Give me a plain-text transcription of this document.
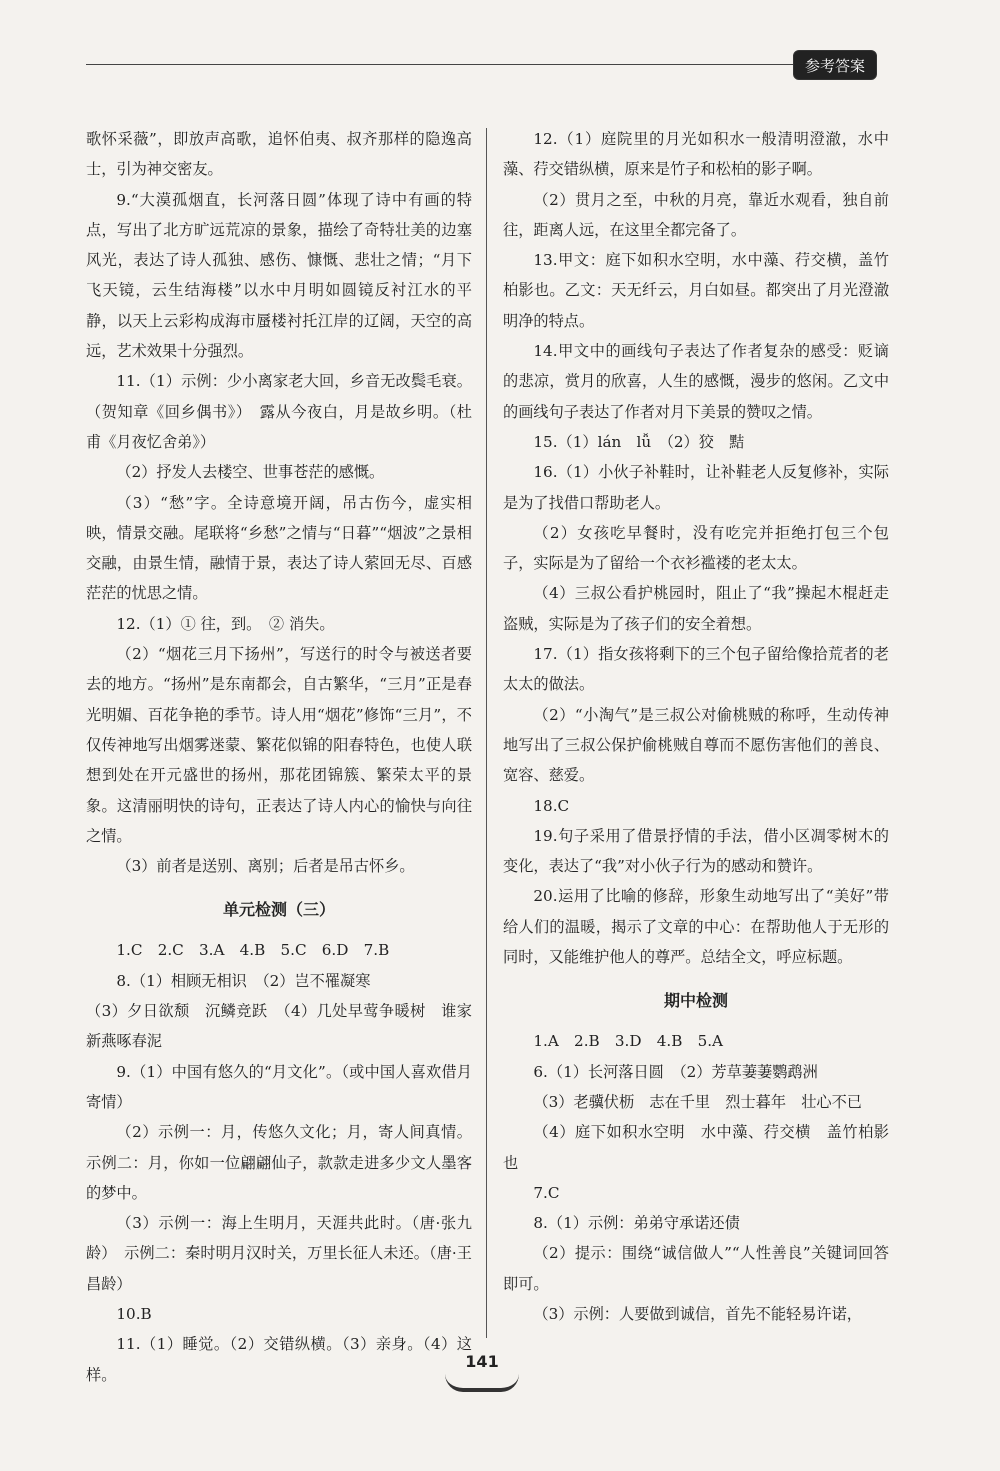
参考答案

歌怀采薇”，即放声高歌，追怀伯夷、叔齐那样的隐逸高士，引为神交密友。

9.“大漠孤烟直，长河落日圆”体现了诗中有画的特点，写出了北方旷远荒凉的景象，描绘了奇特壮美的边塞风光，表达了诗人孤独、感伤、慷慨、悲壮之情；“月下飞天镜，云生结海楼”以水中月明如圆镜反衬江水的平静，以天上云彩构成海市蜃楼衬托江岸的辽阔，天空的高远，艺术效果十分强烈。

11.（1）示例：少小离家老大回，乡音无改鬓毛衰。（贺知章《回乡偶书》）　露从今夜白，月是故乡明。（杜甫《月夜忆舍弟》）

（2）抒发人去楼空、世事苍茫的感慨。

（3）“愁”字。全诗意境开阔，吊古伤今，虚实相映，情景交融。尾联将“乡愁”之情与“日暮”“烟波”之景相交融，由景生情，融情于景，表达了诗人萦回无尽、百感茫茫的忧思之情。

12.（1）① 往，到。　② 消失。

（2）“烟花三月下扬州”，写送行的时令与被送者要去的地方。“扬州”是东南都会，自古繁华，“三月”正是春光明媚、百花争艳的季节。诗人用“烟花”修饰“三月”，不仅传神地写出烟雾迷蒙、繁花似锦的阳春特色，也使人联想到处在开元盛世的扬州，那花团锦簇、繁荣太平的景象。这清丽明快的诗句，正表达了诗人内心的愉快与向往之情。

（3）前者是送别、离别；后者是吊古怀乡。

单元检测（三）

1.C　2.C　3.A　4.B　5.C　6.D　7.B

8.（1）相顾无相识　（2）岂不罹凝寒

（3）夕日欲颓　沉鳞竞跃　（4）几处早莺争暖树　谁家新燕啄春泥

9.（1）中国有悠久的“月文化”。（或中国人喜欢借月寄情）

（2）示例一：月，传悠久文化；月，寄人间真情。示例二：月，你如一位翩翩仙子，款款走进多少文人墨客的梦中。

（3）示例一：海上生明月，天涯共此时。（唐·张九龄）　示例二：秦时明月汉时关，万里长征人未还。（唐·王昌龄）

10.B

11.（1）睡觉。（2）交错纵横。（3）亲身。（4）这样。

12.（1）庭院里的月光如积水一般清明澄澈，水中藻、荇交错纵横，原来是竹子和松柏的影子啊。

（2）贯月之至，中秋的月亮，靠近水观看，独自前往，距离人远，在这里全都完备了。

13.甲文：庭下如积水空明，水中藻、荇交横，盖竹柏影也。乙文：天无纤云，月白如昼。都突出了月光澄澈明净的特点。

14.甲文中的画线句子表达了作者复杂的感受：贬谪的悲凉，赏月的欣喜，人生的感慨，漫步的悠闲。乙文中的画线句子表达了作者对月下美景的赞叹之情。

15.（1）lán　lǚ　（2）狡　黠

16.（1）小伙子补鞋时，让补鞋老人反复修补，实际是为了找借口帮助老人。

（2）女孩吃早餐时，没有吃完并拒绝打包三个包子，实际是为了留给一个衣衫褴褛的老太太。

（4）三叔公看护桃园时，阻止了“我”操起木棍赶走盗贼，实际是为了孩子们的安全着想。

17.（1）指女孩将剩下的三个包子留给像拾荒者的老太太的做法。

（2）“小淘气”是三叔公对偷桃贼的称呼，生动传神地写出了三叔公保护偷桃贼自尊而不愿伤害他们的善良、宽容、慈爱。

18.C

19.句子采用了借景抒情的手法，借小区凋零树木的变化，表达了“我”对小伙子行为的感动和赞许。

20.运用了比喻的修辞，形象生动地写出了“美好”带给人们的温暖，揭示了文章的中心：在帮助他人于无形的同时，又能维护他人的尊严。总结全文，呼应标题。

期中检测

1.A　2.B　3.D　4.B　5.A

6.（1）长河落日圆　（2）芳草萋萋鹦鹉洲

（3）老骥伏枥　志在千里　烈士暮年　壮心不已

（4）庭下如积水空明　水中藻、荇交横　盖竹柏影也

7.C

8.（1）示例：弟弟守承诺还债

（2）提示：围绕“诚信做人”“人性善良”关键词回答即可。

（3）示例：人要做到诚信，首先不能轻易许诺，

141
